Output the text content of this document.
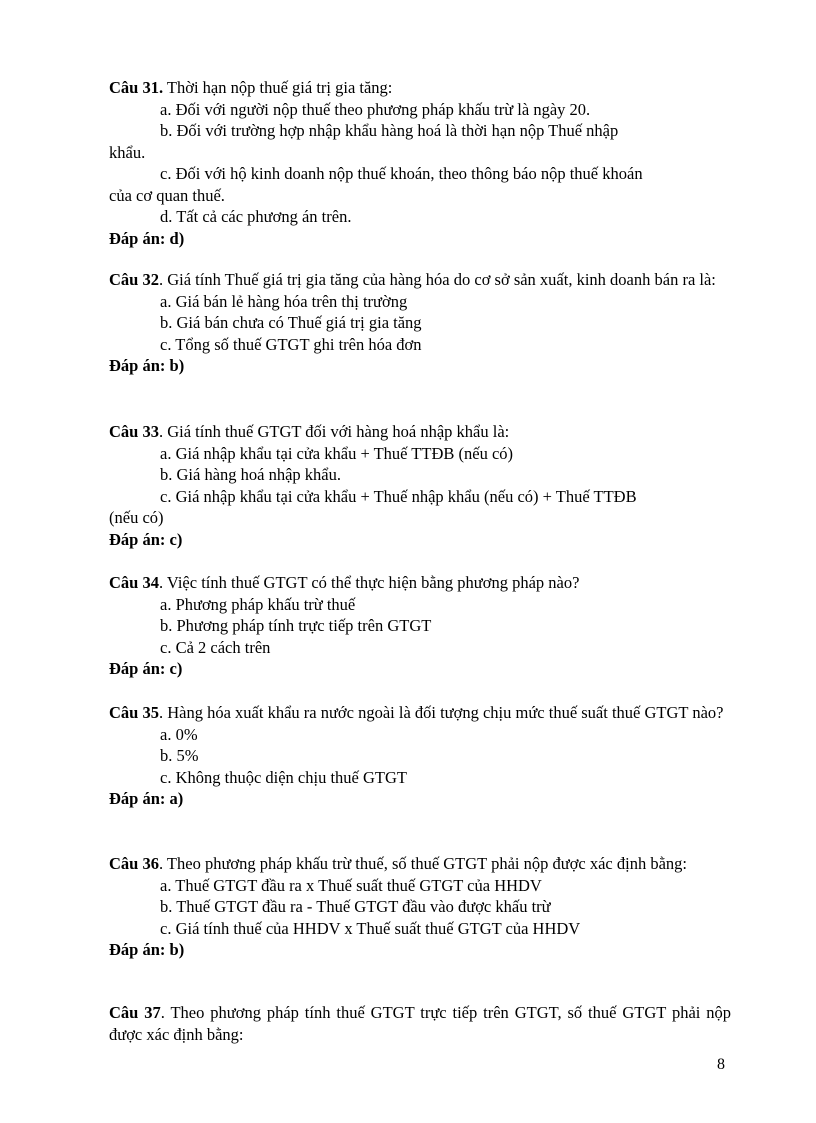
Câu 31. Thời hạn nộp thuế giá trị gia tăng:
a. Đối với người nộp thuế theo phương pháp khấu trừ là ngày 20.
b. Đối với trường hợp nhập khẩu hàng hoá là thời hạn nộp Thuế nhập
khẩu.
c. Đối với hộ kinh doanh nộp thuế khoán, theo thông báo nộp thuế khoán
của cơ quan thuế.
d. Tất cả các phương án trên.
Đáp án: d)
Câu 32. Giá tính Thuế giá trị gia tăng của hàng hóa do cơ sở sản xuất, kinh doanh bán ra là:
a. Giá bán lẻ hàng hóa trên thị trường
b. Giá bán chưa có Thuế giá trị gia tăng
c. Tổng số thuế GTGT ghi trên hóa đơn
Đáp án: b)
Câu 33. Giá tính thuế GTGT đối với hàng hoá nhập khẩu là:
a. Giá nhập khẩu tại cửa khẩu + Thuế TTĐB (nếu có)
b. Giá hàng hoá nhập khẩu.
c. Giá nhập khẩu tại cửa khẩu + Thuế nhập khẩu (nếu có) + Thuế TTĐB
(nếu có)
Đáp án: c)
Câu 34. Việc tính thuế GTGT có thể thực hiện bằng phương pháp nào?
a. Phương pháp khấu trừ thuế
b. Phương pháp tính trực tiếp trên GTGT
c. Cả 2 cách trên
Đáp án: c)
Câu 35. Hàng hóa xuất khẩu ra nước ngoài là đối tượng chịu mức thuế suất thuế GTGT nào?
a. 0%
b. 5%
c. Không thuộc diện chịu thuế GTGT
Đáp án: a)
Câu 36. Theo phương pháp khấu trừ thuế, số thuế GTGT phải nộp được xác định bằng:
a. Thuế GTGT đầu ra x Thuế suất thuế GTGT của HHDV
b. Thuế GTGT đầu ra - Thuế GTGT đầu vào được khấu trừ
c. Giá tính thuế của HHDV x Thuế suất thuế GTGT của HHDV
Đáp án: b)
Câu 37. Theo phương pháp tính thuế GTGT trực tiếp trên GTGT, số thuế GTGT phải nộp được xác định bằng:
8
